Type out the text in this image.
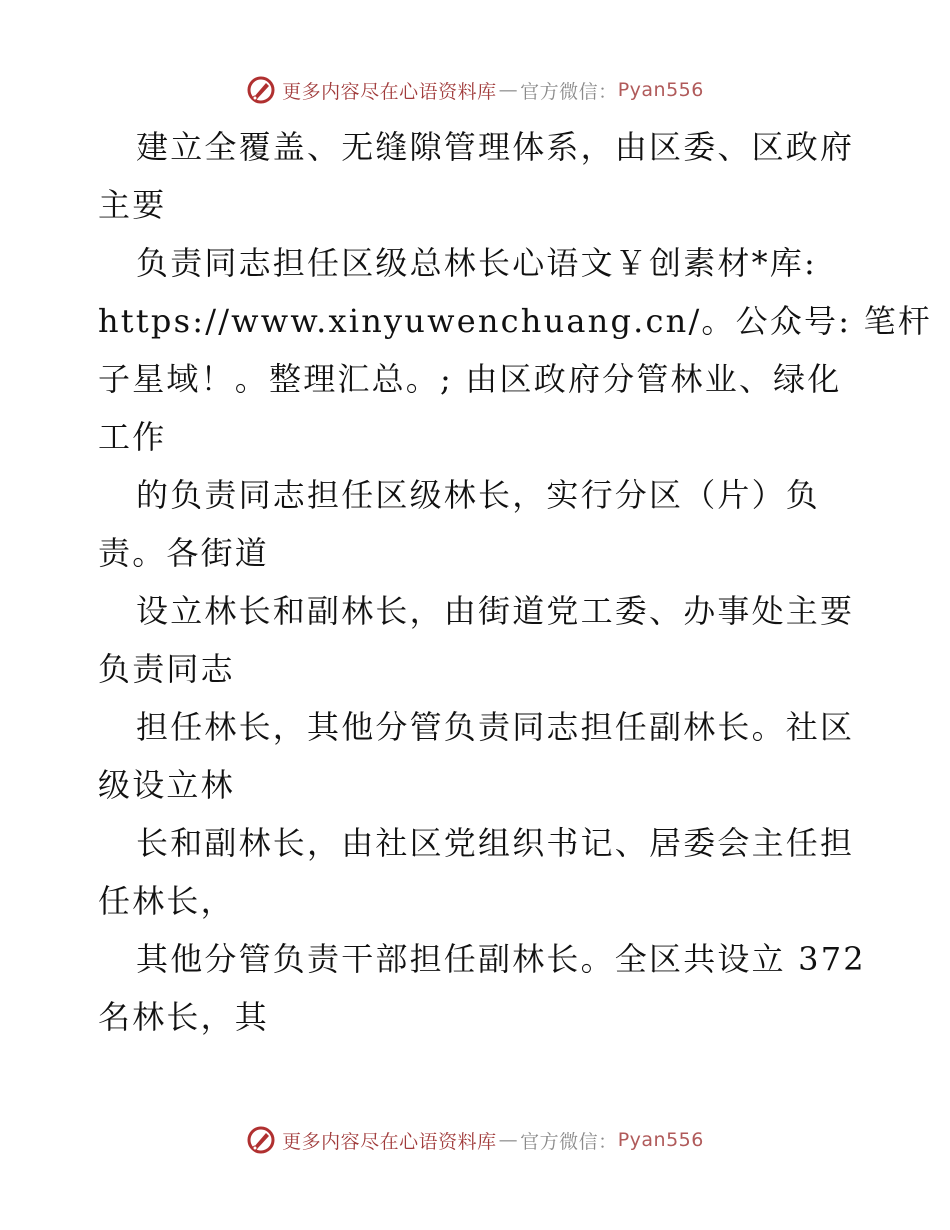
更多内容尽在心语资料库 — 官方微信： Pyan556
建立全覆盖、无缝隙管理体系，由区委、区政府
主要
负责同志担任区级总林长心语文￥创素材*库:
https://www.xinyuwenchuang.cn/。公众号: 笔杆
子星域！。整理汇总。; 由区政府分管林业、绿化
工作
的负责同志担任区级林长，实行分区（片）负
责。各街道
设立林长和副林长，由街道党工委、办事处主要
负责同志
担任林长，其他分管负责同志担任副林长。社区
级设立林
长和副林长，由社区党组织书记、居委会主任担
任林长，
其他分管负责干部担任副林长。全区共设立 372
名林长，其
更多内容尽在心语资料库 — 官方微信： Pyan556
